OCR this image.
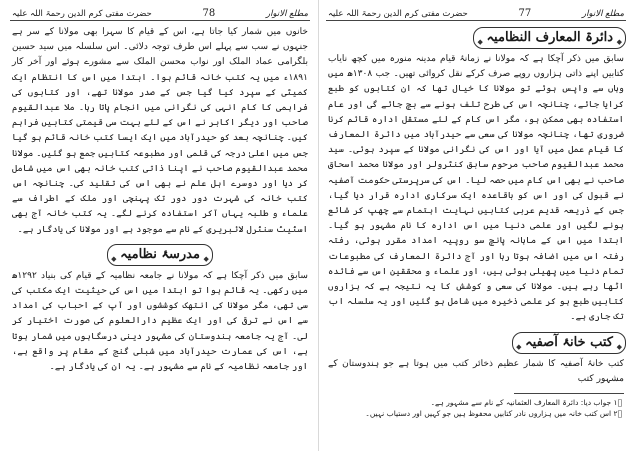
مطلع الانوار
77
حضرت مفتی کرم الدین رحمۃ اللہ علیہ
◆ دائرۃ المعارف النظامیہ ◆

سابق میں ذکر آچکا ہے کہ مولانا نے زمانۂ قیام مدینہ منورہ میں کچھ نایاب کتابیں اپنے ذاتی ہزاروں روپے صرف کرکے نقل کروائی تھیں۔ جب ۱۳۰۸ھ میں وہاں سے واپس ہوئے تو مولانا کا خیال تھا کہ ان کتابوں کو طبع کرایا جائے، چنانچہ اس کی طرح تلف ہونے سے بچ جائے گی اور عام استفادہ بھی ممکن ہو، مگر اس کام کے لئے مستقل ادارہ قائم کرنا ضروری تھا، چنانچہ مولانا کی سعی سے حیدرآباد میں دائرۃ المعارف کا قیام عمل میں آیا اور اس کی نگرانی مولانا کے سپرد ہوئی۔ سید محمد عبدالقیوم صاحب مرحوم سابق کنٹرولر اور مولانا محمد اسحاق صاحب نے بھی اس کام میں حصہ لیا۔ اس کی سرپرستی حکومت آصفیہ نے قبول کی اور اس کو باقاعدہ ایک سرکاری ادارہ قرار دیا گیا، جس کے ذریعہ قدیم عربی کتابیں نہایت اہتمام سے چھپ کر شائع ہونے لگیں اور علمی دنیا میں اس ادارہ کا نام مشہور ہو گیا۔ ابتدا میں اس کے ماہانہ پانچ سو روپیہ امداد مقرر ہوئی، رفتہ رفتہ اس میں اضافہ ہوتا رہا اور آج دائرۃ المعارف کی مطبوعات تمام دنیا میں پھیلی ہوئی ہیں، اور علماء و محققین اس سے فائدہ اٹھا رہے ہیں۔ مولانا کی سعی و کوشش کا یہ نتیجہ ہے کہ ہزاروں کتابیں طبع ہو کر علمی ذخیرہ میں شامل ہو گئیں اور یہ سلسلہ اب تک جاری ہے۔

◆ کتب خانۂ آصفیہ ◆

کتب خانۂ آصفیہ کا شمار عظیم ذخائر کتب میں ہوتا ہے جو ہندوستان کے مشہور کتب

۱ؔ جواب دیا: دائرۃ المعارف العثمانیہ کے نام سے مشہور ہے۔

۲ؔ اس کتب خانہ میں ہزاروں نادر کتابیں محفوظ ہیں جو کہیں اور دستیاب نہیں۔

مطلع الانوار
78
حضرت مفتی کرم الدین رحمۃ اللہ علیہ

خانوں میں شمار کیا جاتا ہے، اس کے قیام کا سہرا بھی مولانا کے سر ہے جنہوں نے سب سے پہلے اس طرف توجہ دلائی۔ اس سلسلہ میں سید حسین بلگرامی عماد الملک اور نواب محسن الملک سے مشورے ہوئے اور آخر کار ۱۸۹۱ء میں یہ کتب خانہ قائم ہوا۔ ابتدا میں اس کا انتظام ایک کمیٹی کے سپرد کیا گیا جس کے صدر مولانا تھے، اور کتابوں کی فراہمی کا کام انہی کی نگرانی میں انجام پاتا رہا۔ ملا عبدالقیوم صاحب اور دیگر اکابر نے اس کے لئے بہت سی قیمتی کتابیں فراہم کیں۔ چنانچہ بعد کو حیدرآباد میں ایک ایسا کتب خانہ قائم ہو گیا جس میں اعلیٰ درجہ کی قلمی اور مطبوعہ کتابیں جمع ہو گئیں۔ مولانا محمد عبدالقیوم صاحب نے اپنا ذاتی کتب خانہ بھی اس میں شامل کر دیا اور دوسرے اہل علم نے بھی اس کی تقلید کی۔ چنانچہ اس کتب خانہ کی شہرت دور دور تک پہنچی اور ملک کے اطراف سے علماء و طلبہ یہاں آکر استفادہ کرنے لگے۔ یہ کتب خانہ آج بھی اسٹیٹ سنٹرل لائبریری کے نام سے موجود ہے اور مولانا کی یادگار ہے۔

◆ مدرسۂ نظامیہ ◆

سابق میں ذکر آچکا ہے کہ مولانا نے جامعہ نظامیہ کے قیام کی بنیاد ۱۲۹۲ھ میں رکھی۔ یہ قائم ہوا تو ابتدا میں اس کی حیثیت ایک مکتب کی سی تھی، مگر مولانا کی انتھک کوششوں اور آپ کے احباب کی امداد سے اس نے ترقی کی اور ایک عظیم دارالعلوم کی صورت اختیار کر لی۔ آج یہ جامعہ ہندوستان کی مشہور دینی درسگاہوں میں شمار ہوتا ہے، اس کی عمارت حیدرآباد میں شبلی گنج کے مقام پر واقع ہے، اور جامعہ نظامیہ کے نام سے مشہور ہے۔ یہ ان کی یادگار ہے۔
